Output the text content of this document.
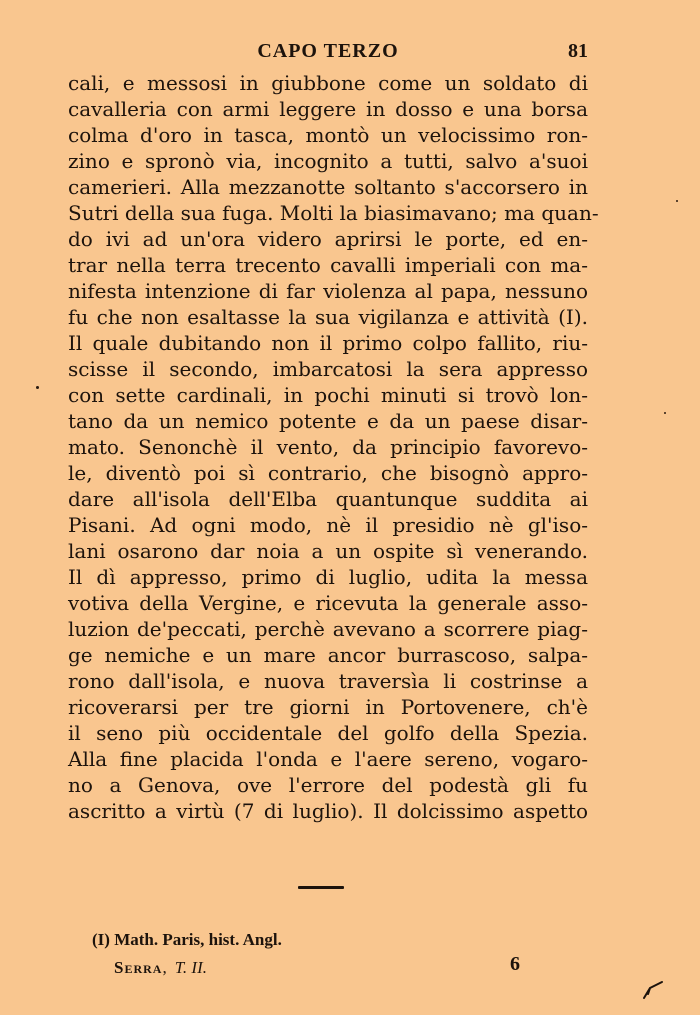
CAPO TERZO	81
cali, e messosi in giubbone come un soldato di
cavalleria con armi leggere in dosso e una borsa
colma d'oro in tasca, montò un velocissimo ron-
zino e spronò via, incognito a tutti, salvo a'suoi
camerieri. Alla mezzanotte soltanto s'accorsero in
Sutri della sua fuga. Molti la biasimavano; ma quan-
do ivi ad un'ora videro aprirsi le porte, ed en-
trar nella terra trecento cavalli imperiali con ma-
nifesta intenzione di far violenza al papa, nessuno
fu che non esaltasse la sua vigilanza e attività (I).
Il quale dubitando non il primo colpo fallito, riu-
scisse il secondo, imbarcatosi la sera appresso
con sette cardinali, in pochi minuti si trovò lon-
tano da un nemico potente e da un paese disar-
mato. Senonchè il vento, da principio favorevo-
le, diventò poi sì contrario, che bisognò appro-
dare all'isola dell'Elba quantunque suddita ai
Pisani. Ad ogni modo, nè il presidio nè gl'iso-
lani osarono dar noia a un ospite sì venerando.
Il dì appresso, primo di luglio, udita la messa
votiva della Vergine, e ricevuta la generale asso-
luzion de'peccati, perchè avevano a scorrere piag-
ge nemiche e un mare ancor burrascoso, salpa-
rono dall'isola, e nuova traversìa li costrinse a
ricoverarsi per tre giorni in Portovenere, ch'è
il seno più occidentale del golfo della Spezia.
Alla fine placida l'onda e l'aere sereno, vogaro-
no a Genova, ove l'errore del podestà gli fu
ascritto a virtù (7 di luglio). Il dolcissimo aspetto
(I) Math. Paris, hist. Angl.
Serra, T. II.	6
